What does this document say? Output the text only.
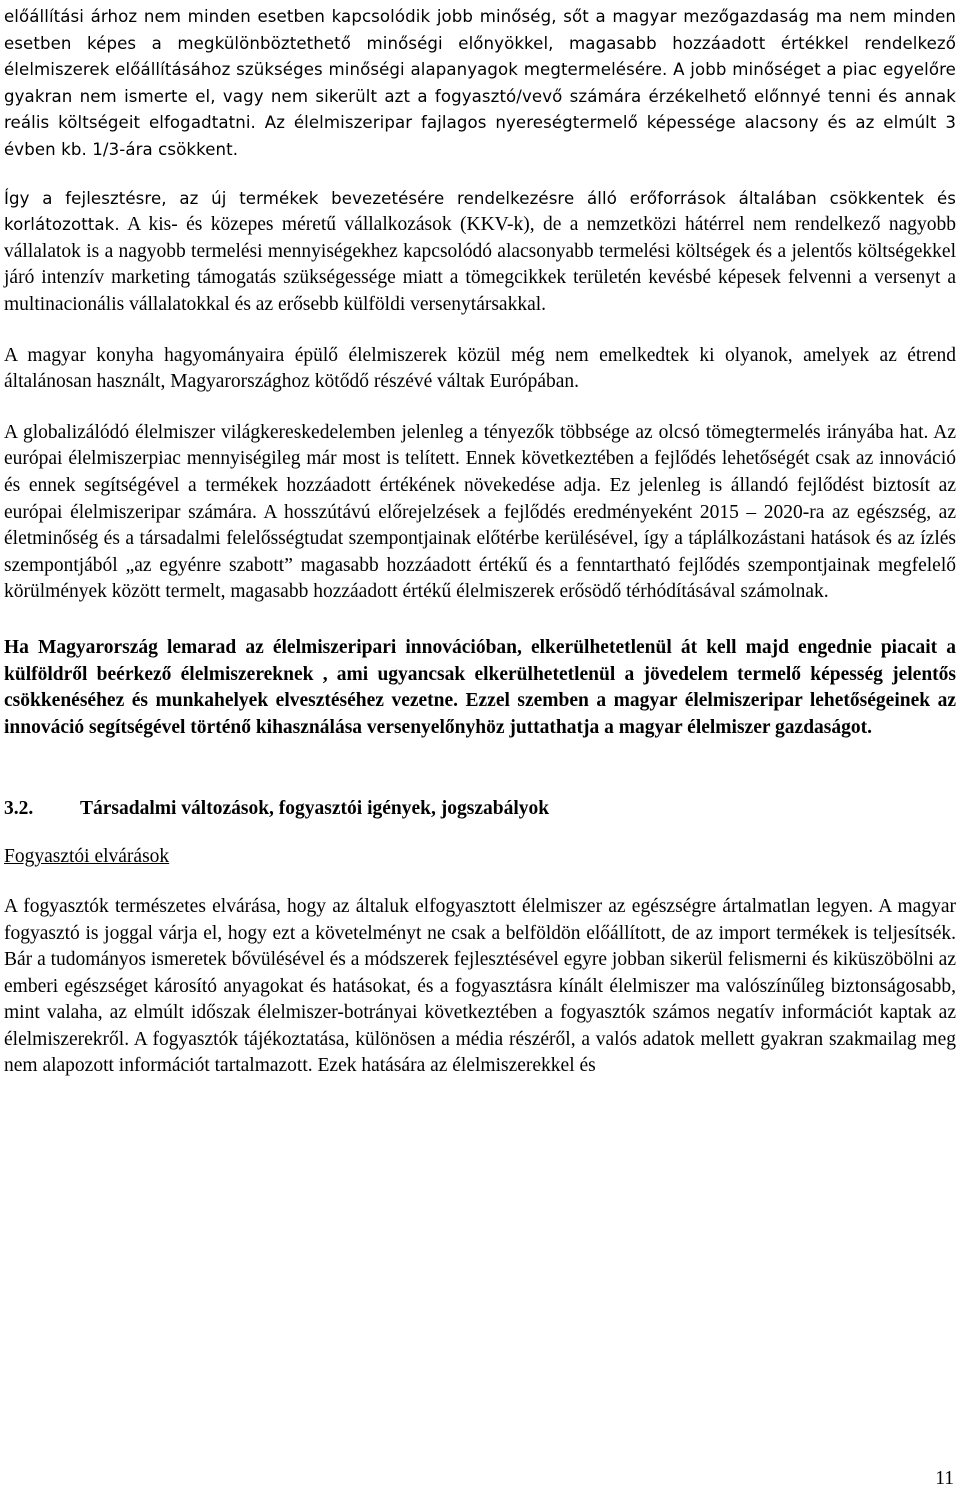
előállítási árhoz nem minden esetben kapcsolódik jobb minőség, sőt a magyar mezőgazdaság ma nem minden esetben képes a megkülönböztethető minőségi előnyökkel, magasabb hozzáadott értékkel rendelkező élelmiszerek előállításához szükséges minőségi alapanyagok megtermelésére. A jobb minőséget a piac egyelőre gyakran nem ismerte el, vagy nem sikerült azt a fogyasztó/vevő számára érzékelhető előnnyé tenni és annak reális költségeit elfogadtatni. Az élelmiszeripar fajlagos nyereségtermelő képessége alacsony és az elmúlt 3 évben kb. 1/3-ára csökkent.

Így a fejlesztésre, az új termékek bevezetésére rendelkezésre álló erőforrások általában csökkentek és korlátozottak. A kis- és közepes méretű vállalkozások (KKV-k), de a nemzetközi hátérrel nem rendelkező nagyobb vállalatok is a nagyobb termelési mennyiségekhez kapcsolódó alacsonyabb termelési költségek és a jelentős költségekkel járó intenzív marketing támogatás szükségessége miatt a tömegcikkek területén kevésbé képesek felvenni a versenyt a multinacionális vállalatokkal és az erősebb külföldi versenytársakkal.

A magyar konyha hagyományaira épülő élelmiszerek közül még nem emelkedtek ki olyanok, amelyek az étrend általánosan használt, Magyarországhoz kötődő részévé váltak Európában.

A globalizálódó élelmiszer világkereskedelemben jelenleg a tényezők többsége az olcsó tömegtermelés irányába hat. Az európai élelmiszerpiac mennyiségileg már most is telített. Ennek következtében a fejlődés lehetőségét csak az innováció és ennek segítségével a termékek hozzáadott értékének növekedése adja. Ez jelenleg is állandó fejlődést biztosít az európai élelmiszeripar számára. A hosszútávú előrejelzések a fejlődés eredményeként 2015 – 2020-ra az egészség, az életminőség és a társadalmi felelősségtudat szempontjainak előtérbe kerülésével, így a táplálkozástani hatások és az ízlés szempontjából „az egyénre szabott” magasabb hozzáadott értékű és a fenntartható fejlődés szempontjainak megfelelő körülmények között termelt, magasabb hozzáadott értékű élelmiszerek erősödő térhódításával számolnak.

Ha Magyarország lemarad az élelmiszeripari innovációban, elkerülhetetlenül át kell majd engednie piacait a külföldről beérkező élelmiszereknek , ami ugyancsak elkerülhetetlenül a jövedelem termelő képesség jelentős csökkenéséhez és munkahelyek elvesztéséhez vezetne. Ezzel szemben a magyar élelmiszeripar lehetőségeinek az innováció segítségével történő kihasználása versenyelőnyhöz juttathatja a magyar élelmiszer gazdaságot.

3.2.	Társadalmi változások, fogyasztói igények, jogszabályok
Fogyasztói elvárások

A fogyasztók természetes elvárása, hogy az általuk elfogyasztott élelmiszer az egészségre ártalmatlan legyen. A magyar fogyasztó is joggal várja el, hogy ezt a követelményt ne csak a belföldön előállított, de az import termékek is teljesítsék. Bár a tudományos ismeretek bővülésével és a módszerek fejlesztésével egyre jobban sikerül felismerni és kiküszöbölni az emberi egészséget károsító anyagokat és hatásokat, és a fogyasztásra kínált élelmiszer ma valószínűleg biztonságosabb, mint valaha, az elmúlt időszak élelmiszer-botrányai következtében a fogyasztók számos negatív információt kaptak az élelmiszerekről. A fogyasztók tájékoztatása, különösen a média részéről, a valós adatok mellett gyakran szakmailag meg nem alapozott információt tartalmazott. Ezek hatására az élelmiszerekkel és

11
